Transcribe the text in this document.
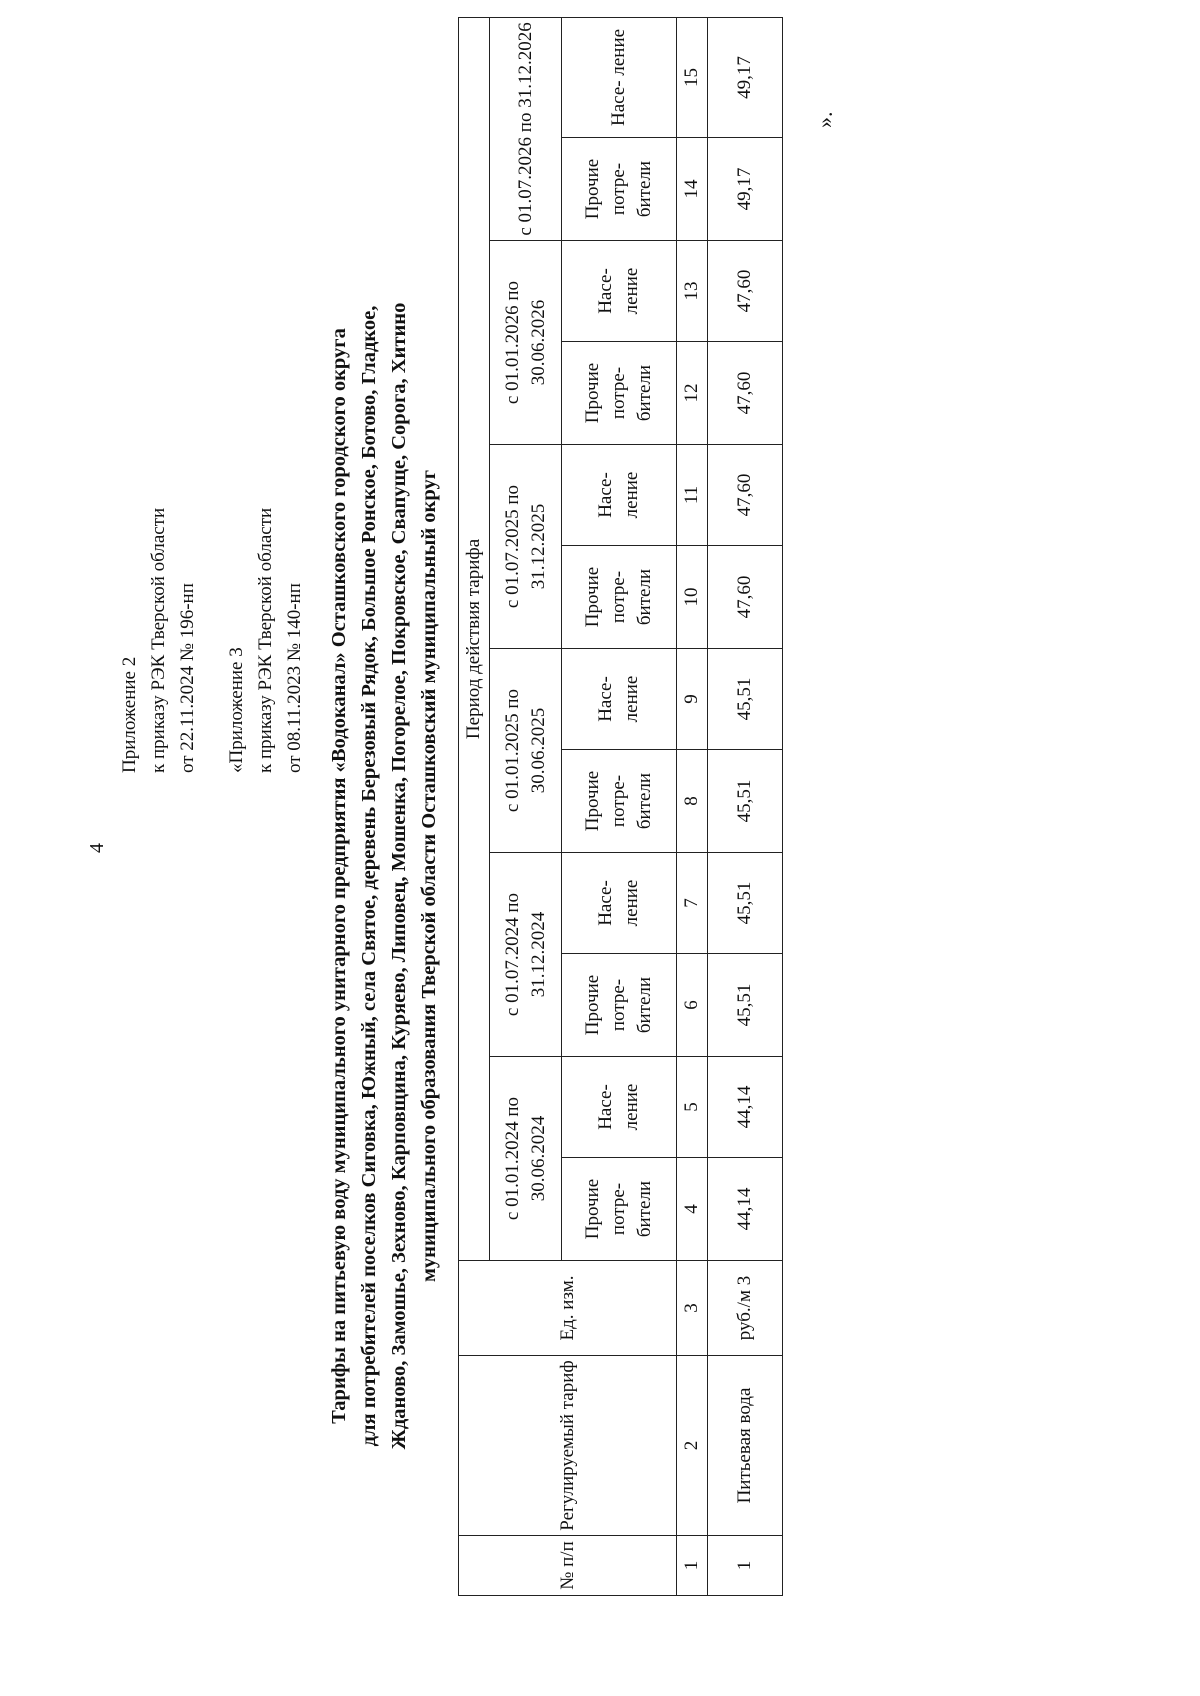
4
Приложение 2 к приказу РЭК Тверской области от 22.11.2024 № 196-нп «Приложение 3 к приказу РЭК Тверской области от 08.11.2023 № 140-нп Тарифы на питьевую воду муниципального унитарного предприятия «Водоканал» Осташковского городского округа для потребителей поселков Сиговка, Южный, села Святое, деревень Березовый Рядок, Большое Ронское, Ботово, Гладкое, Жданово, Замошье, Зехново, Карповщина, Куряево, Липовец, Мошенка, Погорелое, Покровское, Свапуще, Сорога, Хитино муниципального образования Тверской области Осташковский муниципальный округ
№ п/п	Регулируемый тариф	Ед. изм.	Период действия тарифа											
			с 01.01.2024 по 30.06.2024		с 01.07.2024 по 31.12.2024		с 01.01.2025 по 30.06.2025		с 01.07.2025 по 31.12.2025		с 01.01.2026 по 30.06.2026		с 01.07.2026 по 31.12.2026	
			Прочие потре- бители	Насе- ление	Прочие потре- бители	Насе- ление	Прочие потре- бители	Насе- ление	Прочие потре- бители	Насе- ление	Прочие потре- бители	Насе- ление	Прочие потре- бители	Насе- ление
1	2	3	4	5	6	7	8	9	10	11	12	13	14	15
1	Питьевая вода	руб./м 3	44,14	44,14	45,51	45,51	45,51	45,51	47,60	47,60	47,60	47,60	49,17	49,17
».
